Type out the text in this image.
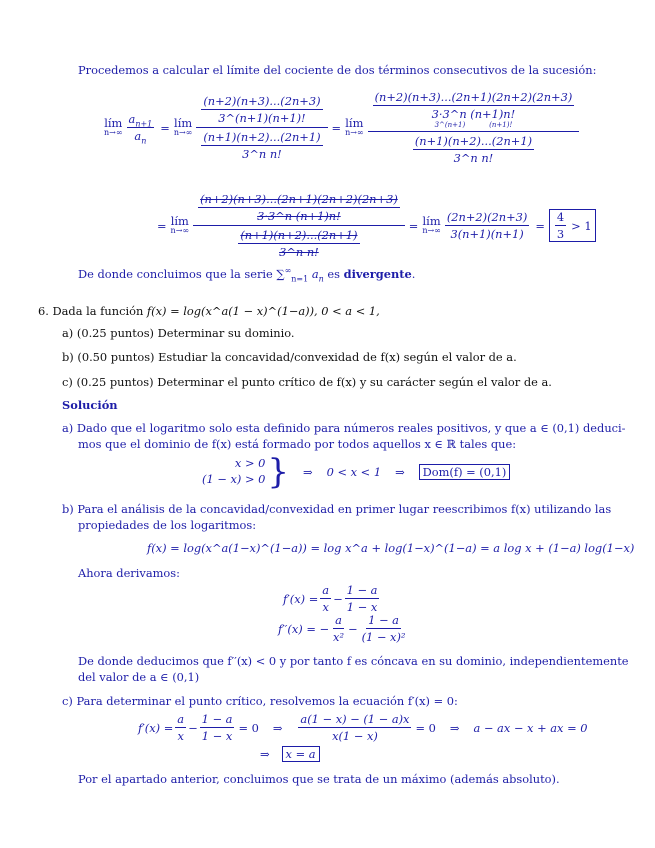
Procedemos a calcular el límite del cociente de dos términos consecutivos de la sucesión:
lím
$n\to\infty \frac{a_{n+1}}{a_n}$ = lím
$n\to\infty \frac{\frac{(n+2)(n+3)...(2n+3)}{3\^{}(n+1)(n+1)!}}{\frac{(n+1)(n+2)...(2n+1)}{\text{3\textasciicircum{}n n!}}}$ = lím
n→∞
(n+2)(n+3)...(2n+1)(2n+2)(2n+3)
3·3^n (n+1)n!
3^(n+1)	(n+1)!
$\frac{(n+1)(n+2)...(2n+1)}{\text{3\textasciicircum{}n n!}}$
= lím
$n\to\infty \frac{\frac{(n+2)(n+3)...(2n+1)(2n+2)(2n+3)}{3\cdot 3\^{}n (n+1)n!}}{\frac{(n+1)(n+2)...(2n+1)}{\text{3\textasciicircum{}n n!}}}$ = lím
$n\to\infty \frac{(2n+2)(2n+3)}{3(n+1)(n+1)} = \frac{4}{3} > 1$
De donde concluimos que la serie $\sum^\infty_{n=1}$ $a_n$ es divergente.
6. Dada la función f(x) = log(x^a(1 − x)^(1−a)), 0 < a < 1,
a) (0.25 puntos) Determinar su dominio.
b) (0.50 puntos) Estudiar la concavidad/convexidad de f(x) según el valor de a.
c) (0.25 puntos) Determinar el punto crítico de f(x) y su carácter según el valor de a.
Solución
a) Dado que el logaritmo solo esta definido para números reales positivos, y que a ∈ (0,1) deduci-
mos que el dominio de f(x) está formado por todos aquellos x ∈ ℝ tales que:
x > 0
(1 − x) > 0 } ⇒ 0 < x < 1 ⇒	Dom(f) = (0,1)
b) Para el análisis de la concavidad/convexidad en primer lugar reescribimos f(x) utilizando las
propiedades de los logaritmos:
f(x) = log(x^a(1−x)^(1−a)) = log x^a + log(1−x)^(1−a) = a log x + (1−a) log(1−x)
Ahora derivamos:
$f'(x) = \frac{a}{x} - \frac{1 - a}{1 - x}$
f′′(x) = − $\frac{a}{\text{x²}} - \frac{1 - a}{\text{(1 − x)²}}$
De donde deducimos que f′′(x) < 0 y por tanto f es cóncava en su dominio, independientemente
del valor de a ∈ (0,1)
c) Para determinar el punto crítico, resolvemos la ecuación f′(x) = 0:
$f'(x) = \frac{a}{x} - \frac{1 - a}{1 - x} = 0$ ⇒ $\frac{a(1 - x) - (1 - a)x}{x(1 - x)} = 0$ ⇒ a − ax − x + ax = 0
⇒	x = a
Por el apartado anterior, concluimos que se trata de un máximo (además absoluto).
